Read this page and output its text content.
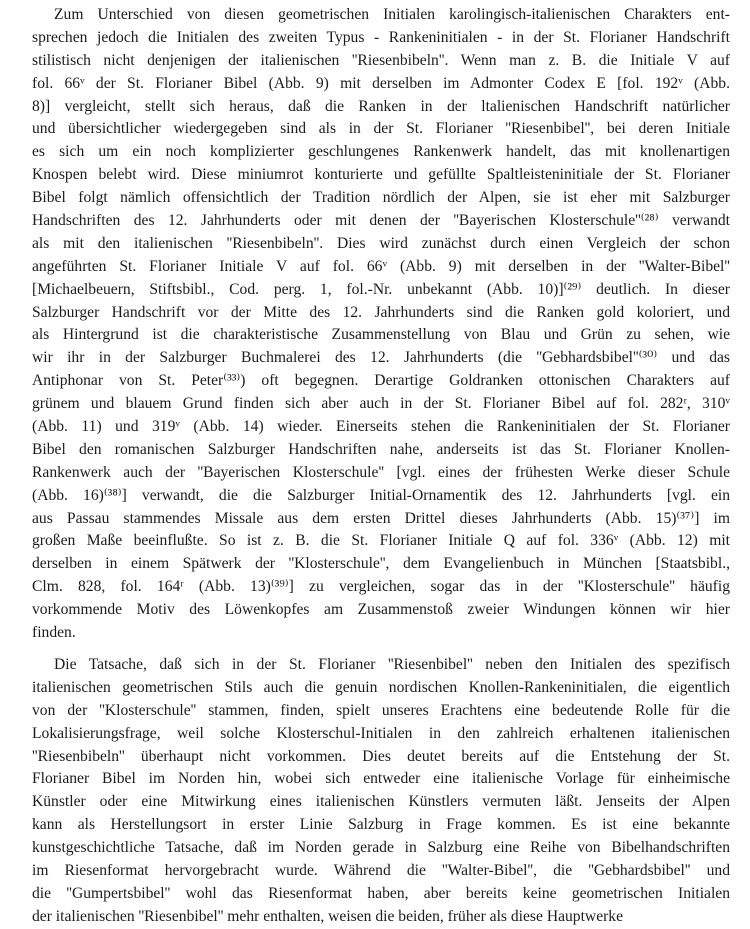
Zum Unterschied von diesen geometrischen Initialen karolingisch-italienischen Charakters ent-
sprechen jedoch die Initialen des zweiten Typus - Rankeninitialen - in der St. Florianer Handschrift
stilistisch nicht denjenigen der italienischen ''Riesenbibeln''. Wenn man z. B. die Initiale V auf
fol. 66ᵛ der St. Florianer Bibel (Abb. 9) mit derselben im Admonter Codex E [fol. 192ᵛ (Abb.
8)] vergleicht, stellt sich heraus, daß die Ranken in der ltalienischen Handschrift natürlicher
und übersichtlicher wiedergegeben sind als in der St. Florianer ''Riesenbibel'', bei deren Initiale
es sich um ein noch komplizierter geschlungenes Rankenwerk handelt, das mit knollenartigen
Knospen belebt wird. Diese miniumrot konturierte und gefüllte Spaltleisteninitiale der St. Florianer
Bibel folgt nämlich offensichtlich der Tradition nördlich der Alpen, sie ist eher mit Salzburger
Handschriften des 12. Jahrhunderts oder mit denen der ''Bayerischen Klosterschule''⁽²⁸⁾ verwandt
als mit den italienischen ''Riesenbibeln''. Dies wird zunächst durch einen Vergleich der schon
angeführten St. Florianer Initiale V auf fol. 66ᵛ (Abb. 9) mit derselben in der ''Walter-Bibel''
[Michaelbeuern, Stiftsbibl., Cod. perg. 1, fol.-Nr. unbekannt (Abb. 10)]⁽²⁹⁾ deutlich. In dieser
Salzburger Handschrift vor der Mitte des 12. Jahrhunderts sind die Ranken gold koloriert, und
als Hintergrund ist die charakteristische Zusammenstellung von Blau und Grün zu sehen, wie
wir ihr in der Salzburger Buchmalerei des 12. Jahrhunderts (die ''Gebhardsbibel''⁽³⁰⁾ und das
Antiphonar von St. Peter⁽³³⁾) oft begegnen. Derartige Goldranken ottonischen Charakters auf
grünem und blauem Grund finden sich aber auch in der St. Florianer Bibel auf fol. 282ʳ, 310ᵛ
(Abb. 11) und 319ᵛ (Abb. 14) wieder. Einerseits stehen die Rankeninitialen der St. Florianer
Bibel den romanischen Salzburger Handschriften nahe, anderseits ist das St. Florianer Knollen-
Rankenwerk auch der ''Bayerischen Klosterschule'' [vgl. eines der frühesten Werke dieser Schule
(Abb. 16)⁽³⁸⁾] verwandt, die die Salzburger Initial-Ornamentik des 12. Jahrhunderts [vgl. ein
aus Passau stammendes Missale aus dem ersten Drittel dieses Jahrhunderts (Abb. 15)⁽³⁷⁾] im
großen Maße beeinflußte. So ist z. B. die St. Florianer Initiale Q auf fol. 336ᵛ (Abb. 12) mit
derselben in einem Spätwerk der ''Klosterschule'', dem Evangelienbuch in München [Staatsbibl.,
Clm. 828, fol. 164ʳ (Abb. 13)⁽³⁹⁾] zu vergleichen, sogar das in der ''Klosterschule'' häufig
vorkommende Motiv des Löwenkopfes am Zusammenstoß zweier Windungen können wir hier
finden.
Die Tatsache, daß sich in der St. Florianer ''Riesenbibel'' neben den Initialen des spezifisch
italienischen geometrischen Stils auch die genuin nordischen Knollen-Rankeninitialen, die eigentlich
von der ''Klosterschule'' stammen, finden, spielt unseres Erachtens eine bedeutende Rolle für die
Lokalisierungsfrage, weil solche Klosterschul-Initialen in den zahlreich erhaltenen italienischen
''Riesenbibeln'' überhaupt nicht vorkommen. Dies deutet bereits auf die Entstehung der St.
Florianer Bibel im Norden hin, wobei sich entweder eine italienische Vorlage für einheimische
Künstler oder eine Mitwirkung eines italienischen Künstlers vermuten läßt. Jenseits der Alpen
kann als Herstellungsort in erster Linie Salzburg in Frage kommen. Es ist eine bekannte
kunstgeschichtliche Tatsache, daß im Norden gerade in Salzburg eine Reihe von Bibelhandschriften
im Riesenformat hervorgebracht wurde. Während die ''Walter-Bibel'', die ''Gebhardsbibel'' und
die ''Gumpertsbibel'' wohl das Riesenformat haben, aber bereits keine geometrischen Initialen
der italienischen ''Riesenbibel'' mehr enthalten, weisen die beiden, früher als diese Hauptwerke
